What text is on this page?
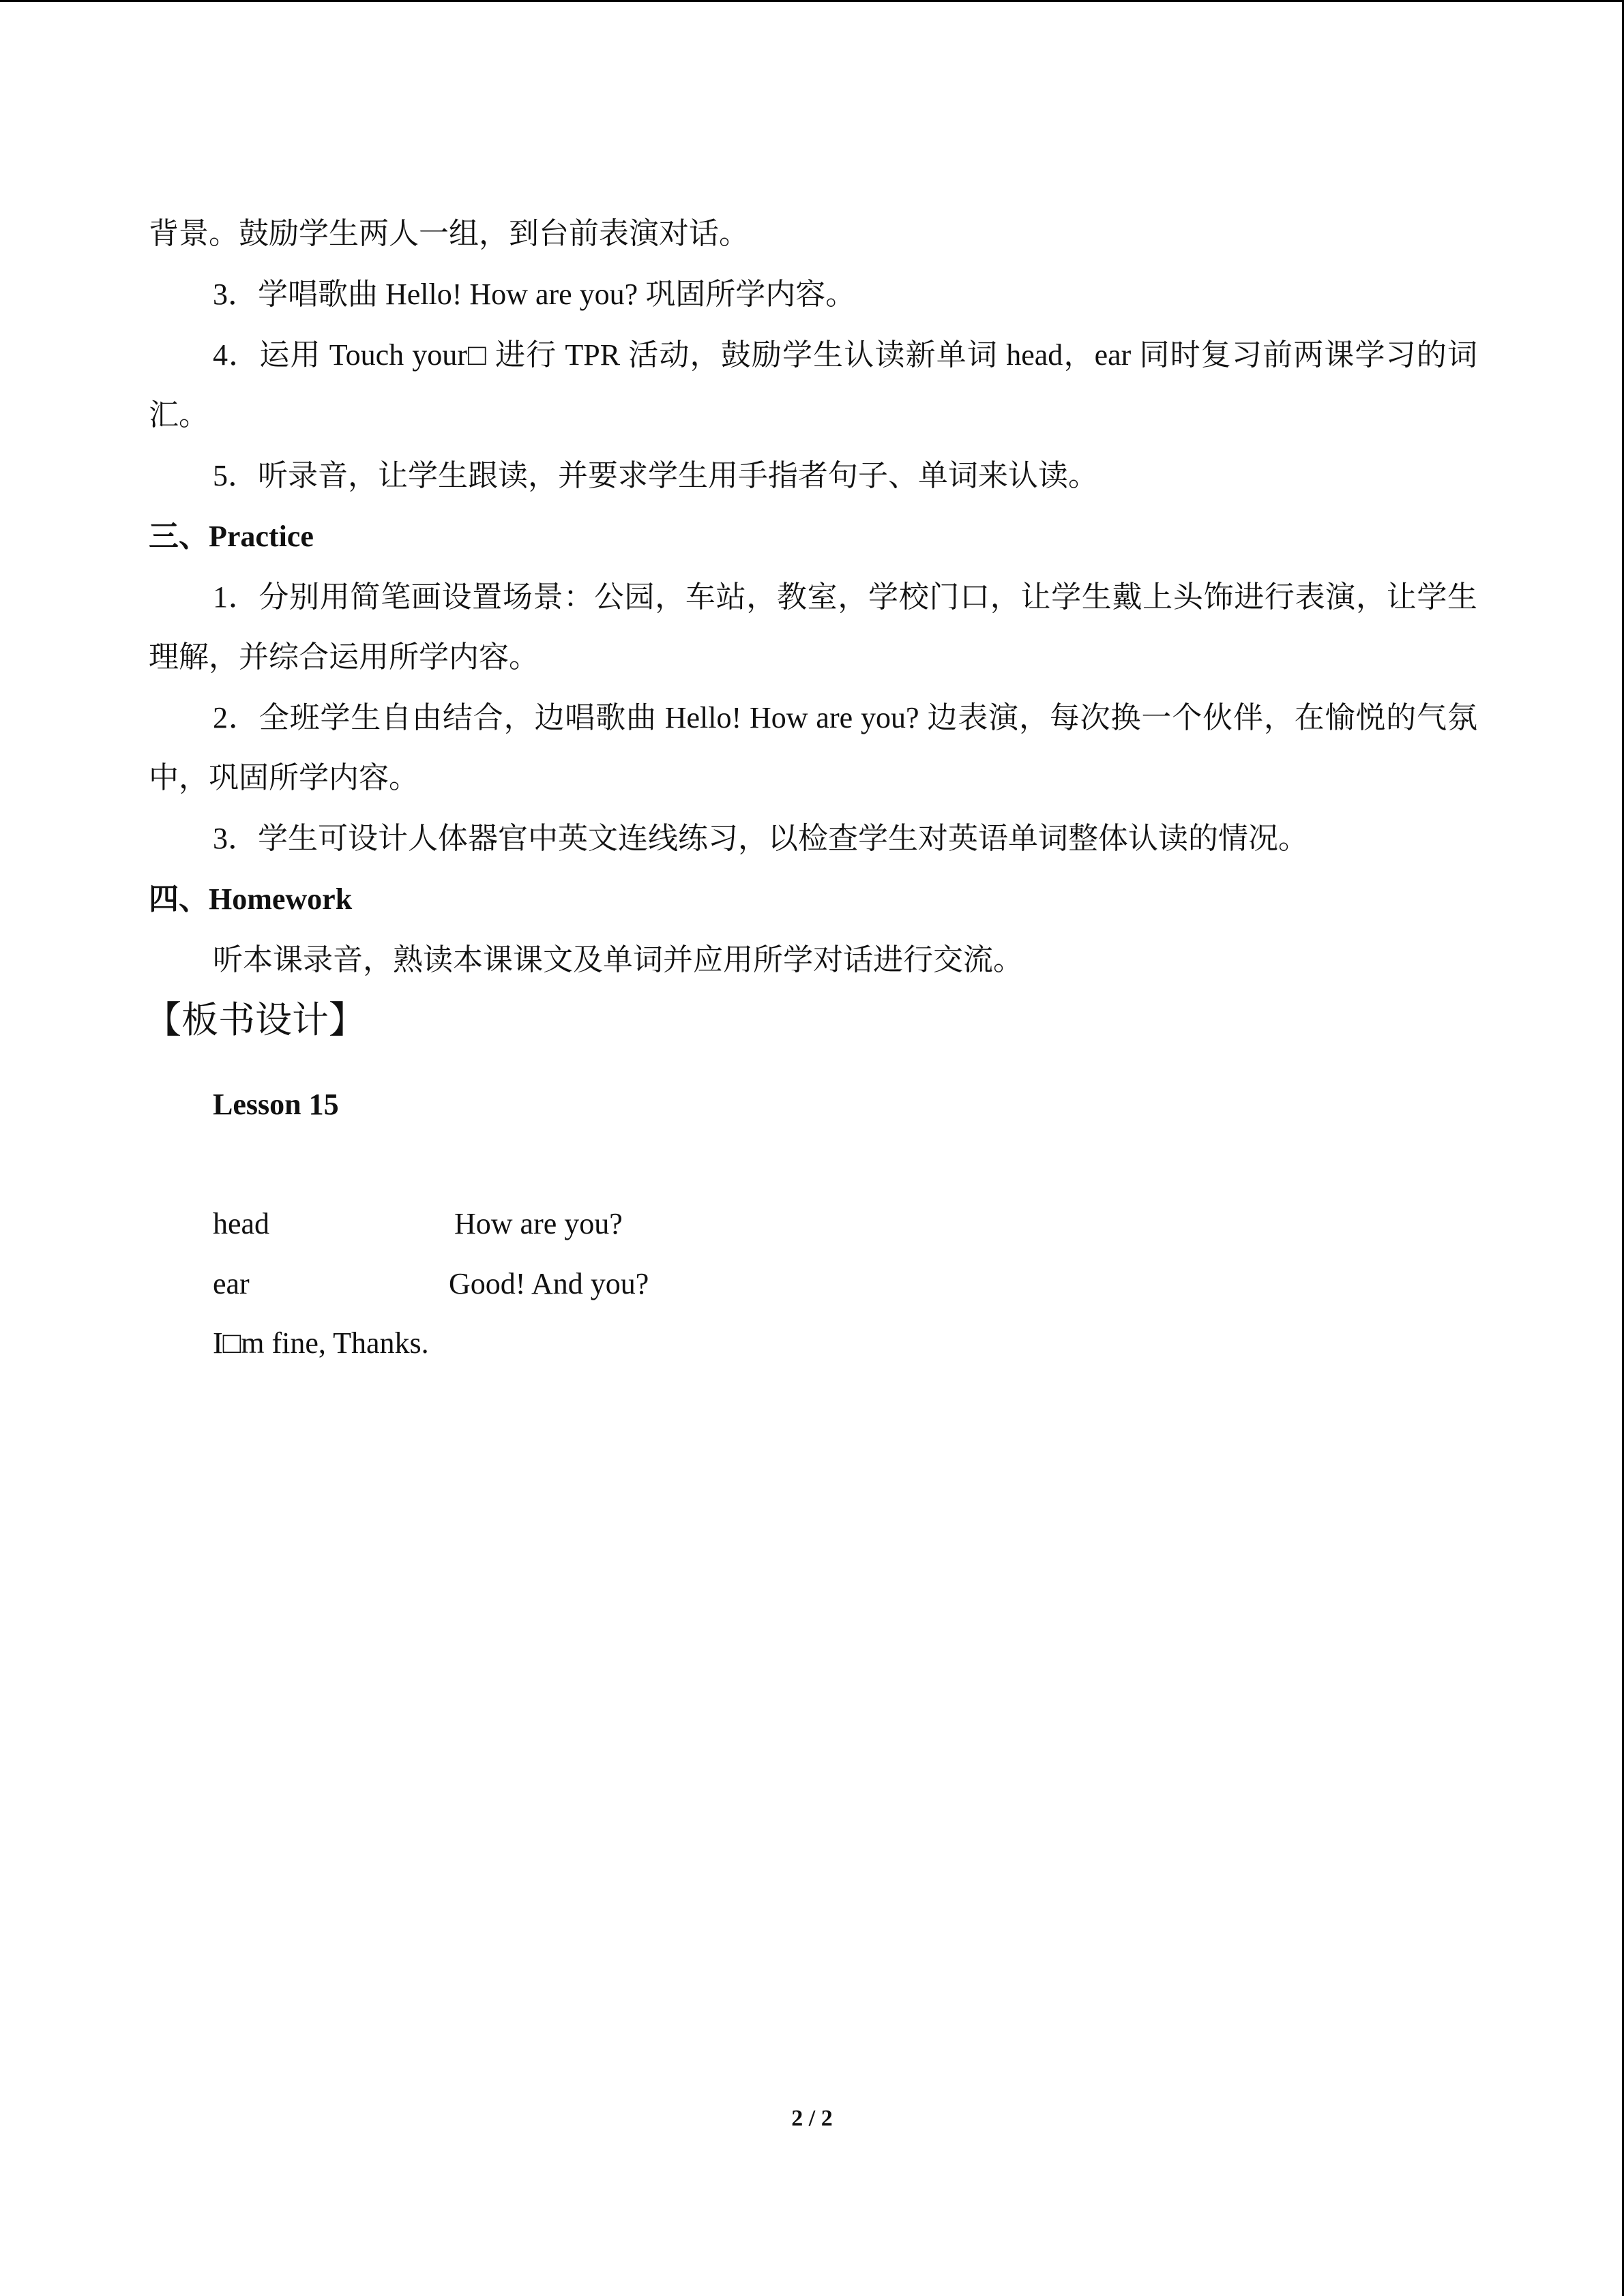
背景。鼓励学生两人一组，到台前表演对话。
3．学唱歌曲 Hello! How are you? 巩固所学内容。
4．运用 Touch your□ 进行 TPR 活动，鼓励学生认读新单词 head，ear 同时复习前两课学习的词汇。
5．听录音，让学生跟读，并要求学生用手指者句子、单词来认读。
三、Practice
1．分别用简笔画设置场景：公园，车站，教室，学校门口，让学生戴上头饰进行表演，让学生理解，并综合运用所学内容。
2．全班学生自由结合，边唱歌曲 Hello! How are you? 边表演，每次换一个伙伴，在愉悦的气氛中，巩固所学内容。
3．学生可设计人体器官中英文连线练习，以检查学生对英语单词整体认读的情况。
四、Homework
听本课录音，熟读本课课文及单词并应用所学对话进行交流。
【板书设计】
Lesson 15
head	How are you?
ear	Good! And you?
I□m fine, Thanks.
2 / 2
